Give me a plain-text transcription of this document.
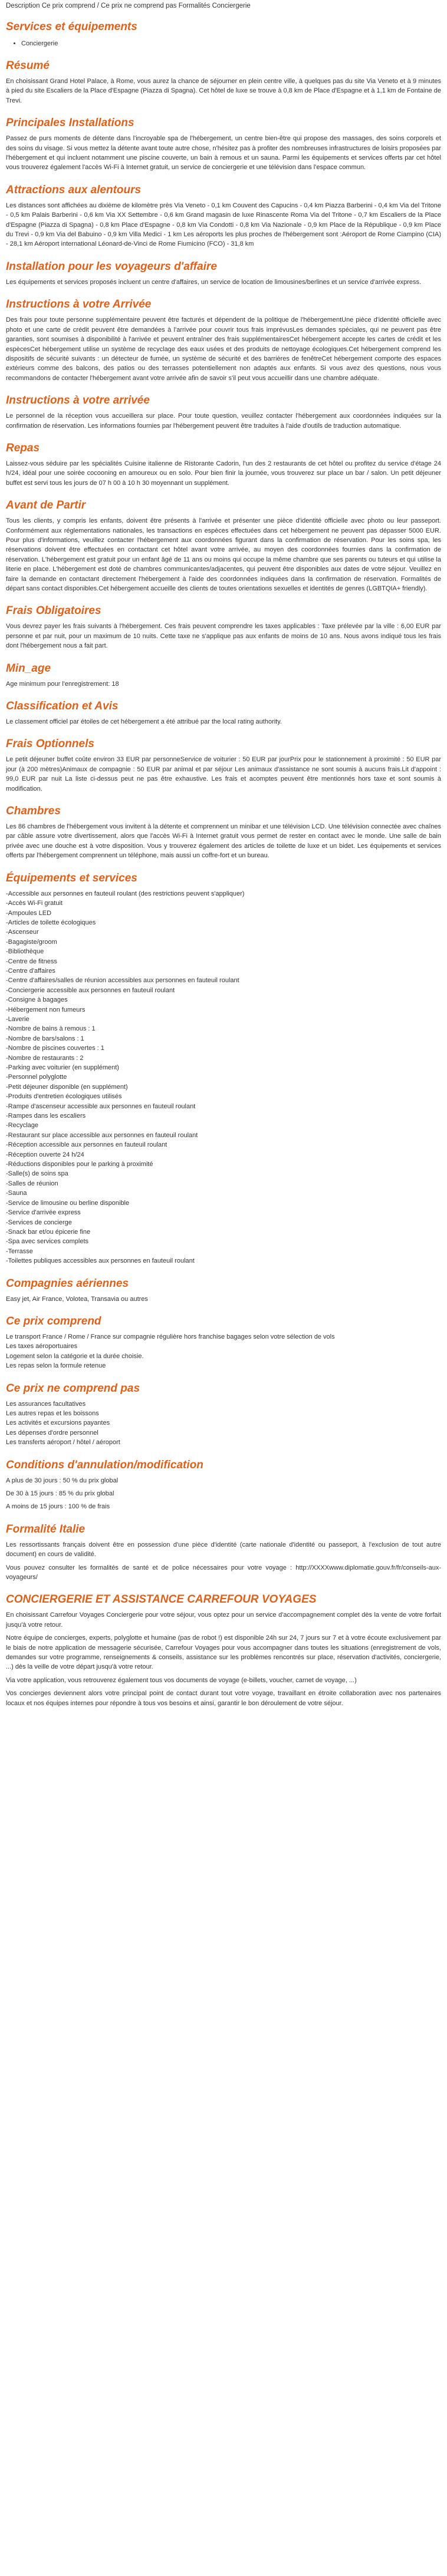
Description Ce prix comprend / Ce prix ne comprend pas Formalités Conciergerie

Services et équipements
• Conciergerie
Résumé

En choisissant Grand Hotel Palace, à Rome, vous aurez la chance de séjourner en plein centre ville, à quelques pas du site Via Veneto et à 9 minutes à pied du site Escaliers de la Place d'Espagne (Piazza di Spagna). Cet hôtel de luxe se trouve à 0,8 km de Place d'Espagne et à 1,1 km de Fontaine de Trevi.

Principales Installations

Passez de purs moments de détente dans l'incroyable spa de l'hébergement, un centre bien-être qui propose des massages, des soins corporels et des soins du visage. Si vous mettez la détente avant toute autre chose, n'hésitez pas à profiter des nombreuses infrastructures de loisirs proposées par l'hébergement et qui incluent notamment une piscine couverte, un bain à remous et un sauna. Parmi les équipements et services offerts par cet hôtel vous trouverez également l'accès Wi-Fi à Internet gratuit, un service de conciergerie et une télévision dans l'espace commun.

Attractions aux alentours

Les distances sont affichées au dixième de kilomètre près Via Veneto - 0,1 km Couvent des Capucins - 0,4 km Piazza Barberini - 0,4 km Via del Tritone - 0,5 km Palais Barberini - 0,6 km Via XX Settembre - 0,6 km Grand magasin de luxe Rinascente Roma Via del Tritone - 0,7 km Escaliers de la Place d'Espagne (Piazza di Spagna) - 0,8 km Place d'Espagne - 0,8 km Via Condotti - 0,8 km Via Nazionale - 0,9 km Place de la République - 0,9 km Place du Trevi - 0,9 km Via del Babuino - 0,9 km Villa Medici - 1 km Les aéroports les plus proches de l'hébergement sont :Aéroport de Rome Ciampino (CIA) - 28,1 km Aéroport international Léonard-de-Vinci de Rome Fiumicino (FCO) - 31,8 km

Installation pour les voyageurs d'affaire

Les équipements et services proposés incluent un centre d'affaires, un service de location de limousines/berlines et un service d'arrivée express.

Instructions à votre Arrivée

Des frais pour toute personne supplémentaire peuvent être facturés et dépendent de la politique de l'hébergementUne pièce d'identité officielle avec photo et une carte de crédit peuvent être demandées à l'arrivée pour couvrir tous frais imprévusLes demandes spéciales, qui ne peuvent pas être garanties, sont soumises à disponibilité à l'arrivée et peuvent entraîner des frais supplémentairesCet hébergement accepte les cartes de crédit et les espècesCet hébergement utilise un système de recyclage des eaux usées et des produits de nettoyage écologiques.Cet hébergement comprend les dispositifs de sécurité suivants : un détecteur de fumée, un système de sécurité et des barrières de fenêtreCet hébergement comporte des espaces extérieurs comme des balcons, des patios ou des terrasses potentiellement non adaptés aux enfants. Si vous avez des questions, nous vous recommandons de contacter l'hébergement avant votre arrivée afin de savoir s'il peut vous accueillir dans une chambre adéquate.

Instructions à votre arrivée

Le personnel de la réception vous accueillera sur place. Pour toute question, veuillez contacter l'hébergement aux coordonnées indiquées sur la confirmation de réservation. Les informations fournies par l'hébergement peuvent être traduites à l'aide d'outils de traduction automatique.

Repas

Laissez-vous séduire par les spécialités Cuisine italienne de Ristorante Cadorin, l'un des 2 restaurants de cet hôtel ou profitez du service d'étage 24 h/24, idéal pour une soirée cocooning en amoureux ou en solo. Pour bien finir la journée, vous trouverez sur place un bar / salon. Un petit déjeuner buffet est servi tous les jours de 07 h 00 à 10 h 30 moyennant un supplément.

Avant de Partir

Tous les clients, y compris les enfants, doivent être présents à l'arrivée et présenter une pièce d'identité officielle avec photo ou leur passeport. Conformément aux réglementations nationales, les transactions en espèces effectuées dans cet hébergement ne peuvent pas dépasser 5000 EUR. Pour plus d'informations, veuillez contacter l'hébergement aux coordonnées figurant dans la confirmation de réservation. Pour les soins spa, les réservations doivent être effectuées en contactant cet hôtel avant votre arrivée, au moyen des coordonnées fournies dans la confirmation de réservation. L'hébergement est gratuit pour un enfant âgé de 11 ans ou moins qui occupe la même chambre que ses parents ou tuteurs et qui utilise la literie en place. L'hébergement est doté de chambres communicantes/adjacentes, qui peuvent être disponibles aux dates de votre séjour. Veuillez en faire la demande en contactant directement l'hébergement à l'aide des coordonnées indiquées dans la confirmation de réservation. Formalités de départ sans contact disponibles.Cet hébergement accueille des clients de toutes orientations sexuelles et identités de genres (LGBTQIA+ friendly).

Frais Obligatoires

Vous devrez payer les frais suivants à l'hébergement. Ces frais peuvent comprendre les taxes applicables : Taxe prélevée par la ville : 6,00 EUR par personne et par nuit, pour un maximum de 10 nuits. Cette taxe ne s'applique pas aux enfants de moins de 10 ans. Nous avons indiqué tous les frais dont l'hébergement nous a fait part.

Min_age

Age minimum pour l'enregistrement: 18

Classification et Avis

Le classement officiel par étoiles de cet hébergement a été attribué par the local rating authority.

Frais Optionnels

Le petit déjeuner buffet coûte environ 33 EUR par personneService de voiturier : 50 EUR par jourPrix pour le stationnement à proximité : 50 EUR par jour (à 200 mètres)Animaux de compagnie : 50 EUR par animal et par séjour Les animaux d'assistance ne sont soumis à aucuns frais.Lit d'appoint : 99,0 EUR par nuit La liste ci-dessus peut ne pas être exhaustive. Les frais et acomptes peuvent être mentionnés hors taxe et sont soumis à modification.

Chambres

Les 86 chambres de l'hébergement vous invitent à la détente et comprennent un minibar et une télévision LCD. Une télévision connectée avec chaînes par câble assure votre divertissement, alors que l'accès Wi-Fi à Internet gratuit vous permet de rester en contact avec le monde. Une salle de bain privée avec une douche est à votre disposition. Vous y trouverez également des articles de toilette de luxe et un bidet. Les équipements et services offerts par l'hébergement comprennent un téléphone, mais aussi un coffre-fort et un bureau.

Équipements et services
-Accessible aux personnes en fauteuil roulant (des restrictions peuvent s'appliquer)
-Accès Wi-Fi gratuit
-Ampoules LED
-Articles de toilette écologiques
-Ascenseur
-Bagagiste/groom
-Bibliothèque
-Centre de fitness
-Centre d'affaires
-Centre d'affaires/salles de réunion accessibles aux personnes en fauteuil roulant
-Conciergerie accessible aux personnes en fauteuil roulant
-Consigne à bagages
-Hébergement non fumeurs
-Laverie
-Nombre de bains à remous : 1
-Nombre de bars/salons : 1
-Nombre de piscines couvertes : 1
-Nombre de restaurants : 2
-Parking avec voiturier (en supplément)
-Personnel polyglotte
-Petit déjeuner disponible (en supplément)
-Produits d'entretien écologiques utilisés
-Rampe d'ascenseur accessible aux personnes en fauteuil roulant
-Rampes dans les escaliers
-Recyclage
-Restaurant sur place accessible aux personnes en fauteuil roulant
-Réception accessible aux personnes en fauteuil roulant
-Réception ouverte 24 h/24
-Réductions disponibles pour le parking à proximité
-Salle(s) de soins spa
-Salles de réunion
-Sauna
-Service de limousine ou berline disponible
-Service d'arrivée express
-Services de concierge
-Snack bar et/ou épicerie fine
-Spa avec services complets
-Terrasse
-Toilettes publiques accessibles aux personnes en fauteuil roulant
Compagnies aériennes

Easy jet, Air France, Volotea, Transavia ou autres

Ce prix comprend
Le transport France / Rome / France sur compagnie régulière hors franchise bagages selon votre sélection de vols
Les taxes aéroportuaires
Logement selon la catégorie et la durée choisie.
Les repas selon la formule retenue
Ce prix ne comprend pas
Les assurances facultatives
Les autres repas et les boissons
Les activités et excursions payantes
Les dépenses d'ordre personnel
Les transferts aéroport / hôtel / aéroport
Conditions d'annulation/modification

A plus de 30 jours : 50 % du prix global

De 30 à 15 jours : 85 % du prix global

A moins de 15 jours : 100 % de frais

Formalité Italie

Les ressortissants français doivent être en possession d'une pièce d'identité (carte nationale d'identité ou passeport, à l'exclusion de tout autre document) en cours de validité.

Vous pouvez consulter les formalités de santé et de police nécessaires pour votre voyage : http://XXXXwww.diplomatie.gouv.fr/fr/conseils-aux-voyageurs/

CONCIERGERIE ET ASSISTANCE CARREFOUR VOYAGES

En choisissant Carrefour Voyages Conciergerie pour votre séjour, vous optez pour un service d'accompagnement complet dès la vente de votre forfait jusqu'à votre retour.

Notre équipe de concierges, experts, polyglotte et humaine (pas de robot !) est disponible 24h sur 24, 7 jours sur 7 et à votre écoute exclusivement par le biais de notre application de messagerie sécurisée, Carrefour Voyages pour vous accompagner dans toutes les situations (enregistrement de vols, demandes sur votre programme, renseignements & conseils, assistance sur les problèmes rencontrés sur place, réservation d'activités, conciergerie, ...) dès la veille de votre départ jusqu'à votre retour.

Via votre application, vous retrouverez également tous vos documents de voyage (e-billets, voucher, carnet de voyage, ...)

Vos concierges deviennent alors votre principal point de contact durant tout votre voyage, travaillant en étroite collaboration avec nos partenaires locaux et nos équipes internes pour répondre à tous vos besoins et ainsi, garantir le bon déroulement de votre séjour.
